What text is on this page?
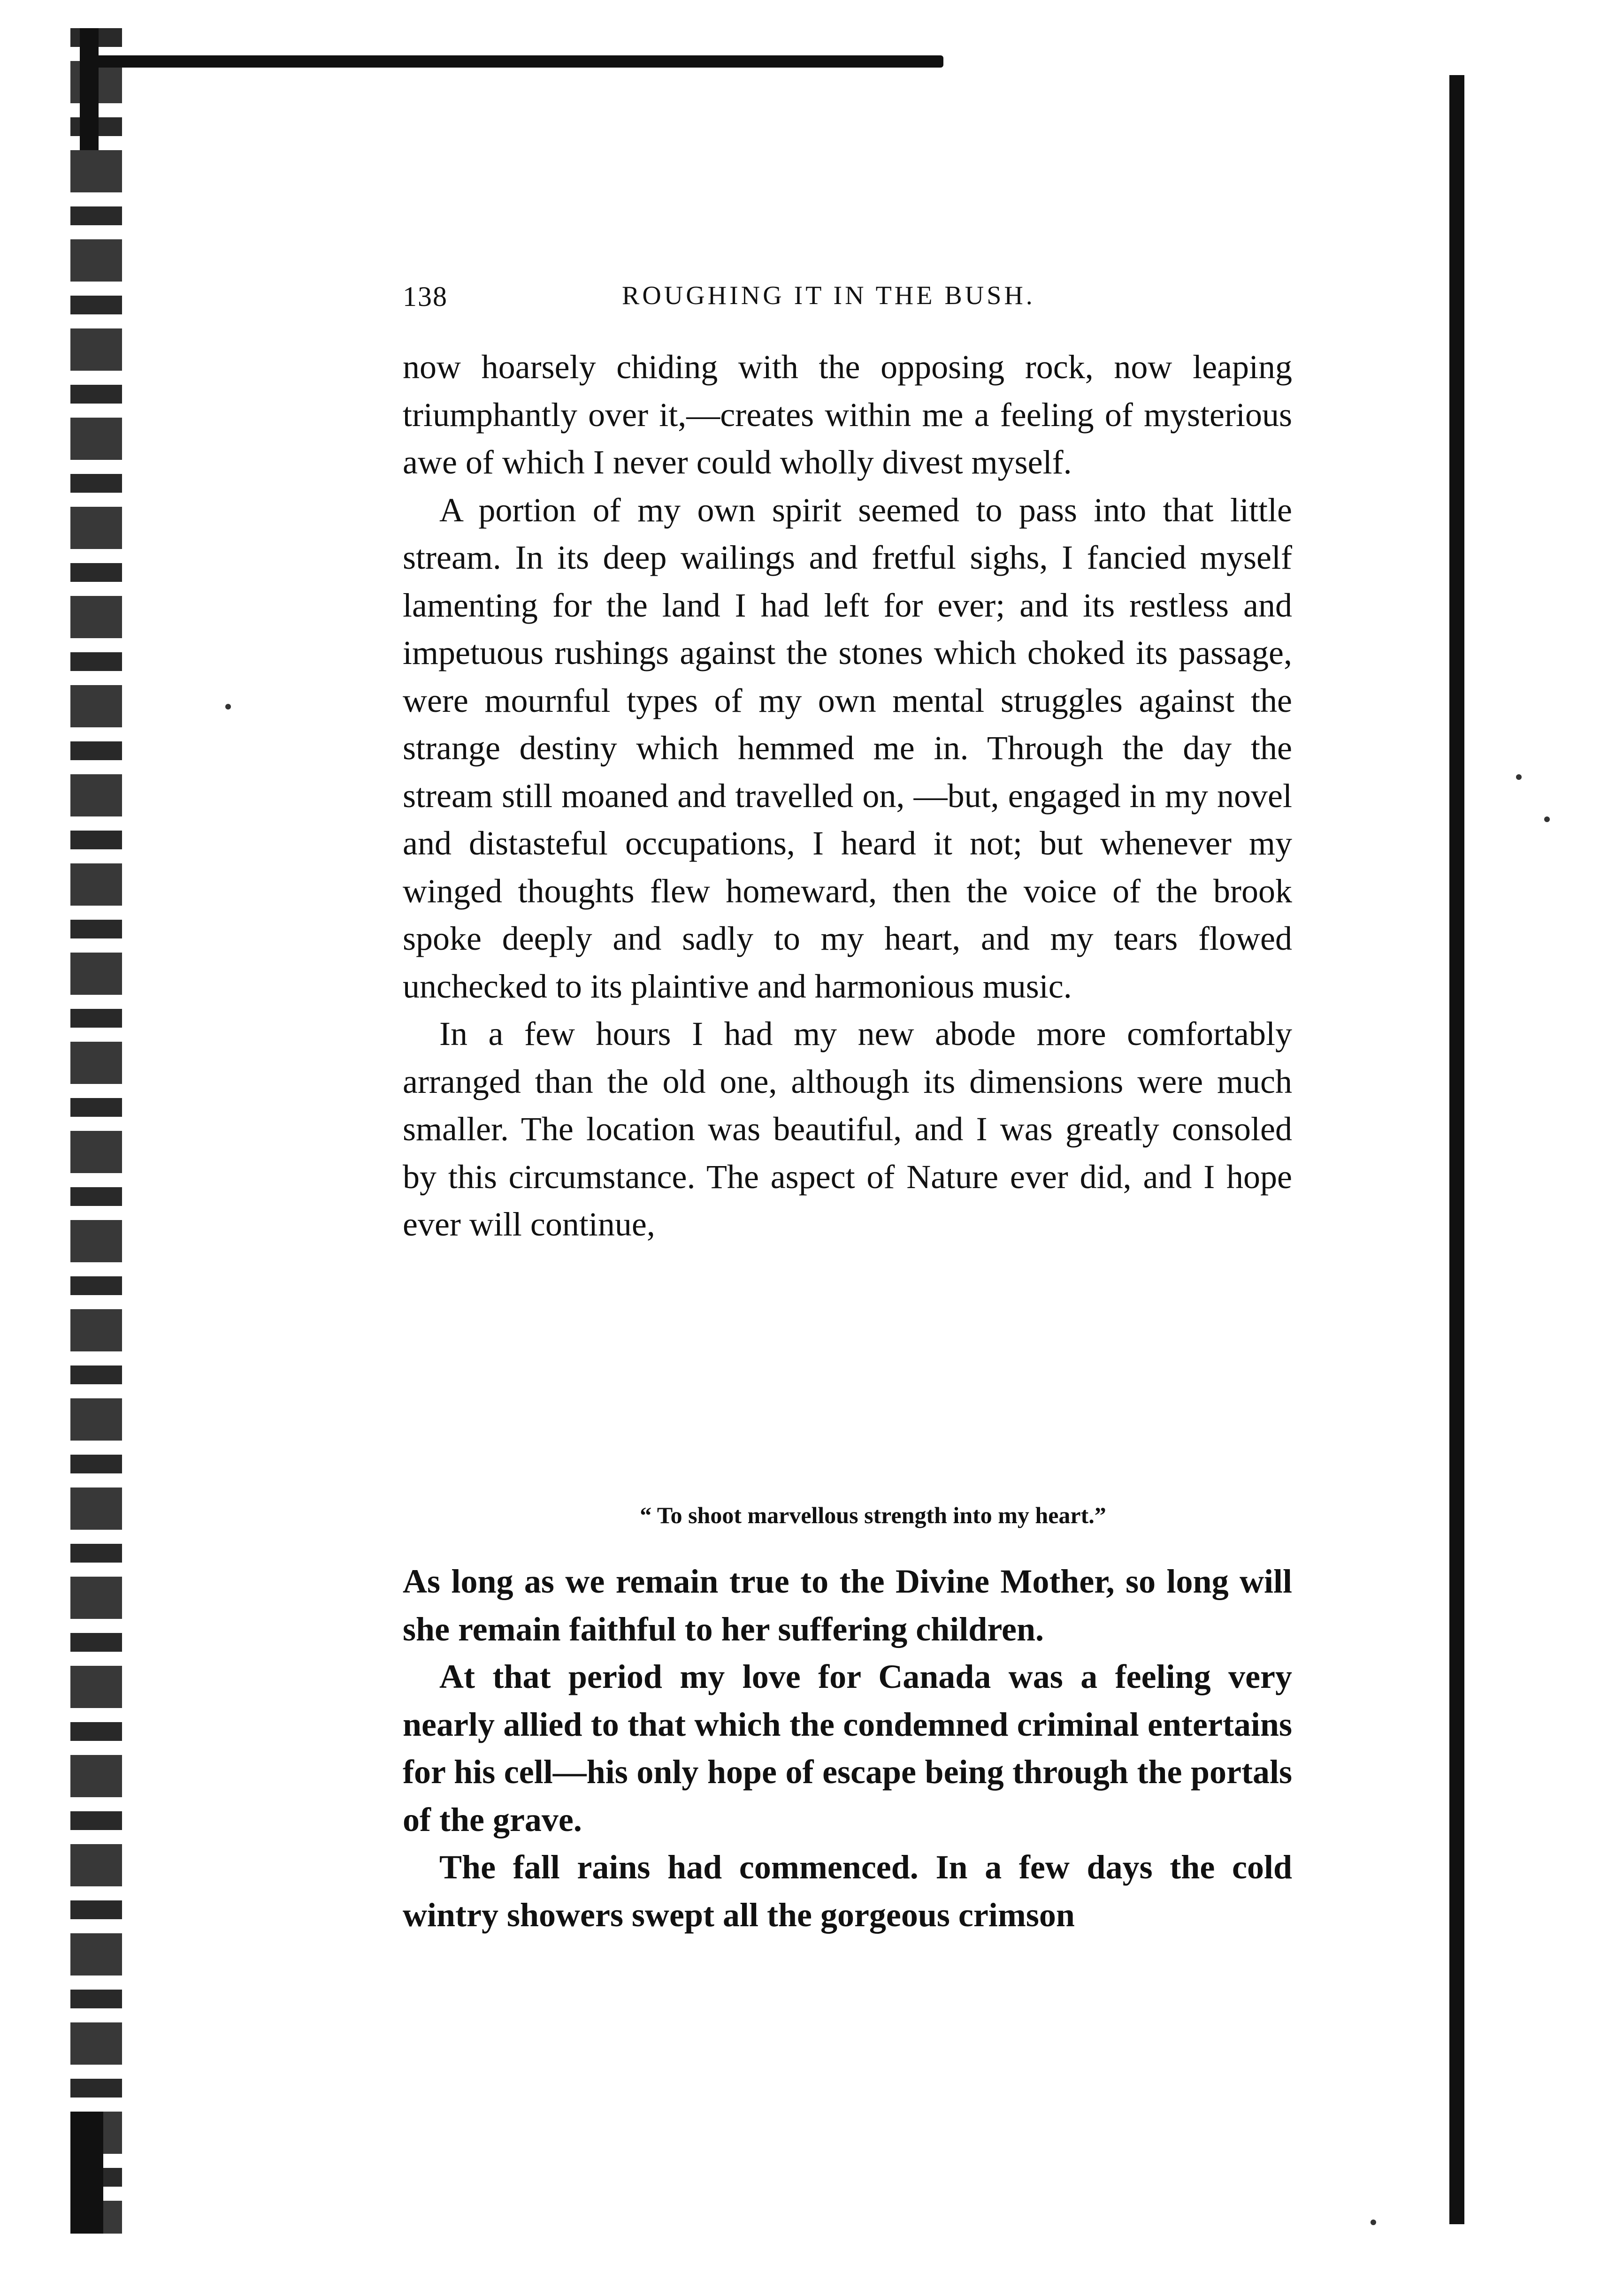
138	ROUGHING IT IN THE BUSH.

now hoarsely chiding with the opposing rock, now leaping triumphantly over it,—creates within me a feeling of mysterious awe of which I never could wholly divest myself.

A portion of my own spirit seemed to pass into that little stream. In its deep wailings and fretful sighs, I fancied myself lamenting for the land I had left for ever; and its restless and impetuous rushings against the stones which choked its passage, were mournful types of my own mental struggles against the strange destiny which hemmed me in. Through the day the stream still moaned and travelled on, —but, engaged in my novel and distasteful occupations, I heard it not; but whenever my winged thoughts flew homeward, then the voice of the brook spoke deeply and sadly to my heart, and my tears flowed unchecked to its plaintive and harmonious music.

In a few hours I had my new abode more comfortably arranged than the old one, although its dimensions were much smaller. The location was beautiful, and I was greatly consoled by this circumstance. The aspect of Nature ever did, and I hope ever will continue,

“ To shoot marvellous strength into my heart.”

As long as we remain true to the Divine Mother, so long will she remain faithful to her suffering children.

At that period my love for Canada was a feeling very nearly allied to that which the condemned criminal entertains for his cell—his only hope of escape being through the portals of the grave.

The fall rains had commenced. In a few days the cold wintry showers swept all the gorgeous crimson
